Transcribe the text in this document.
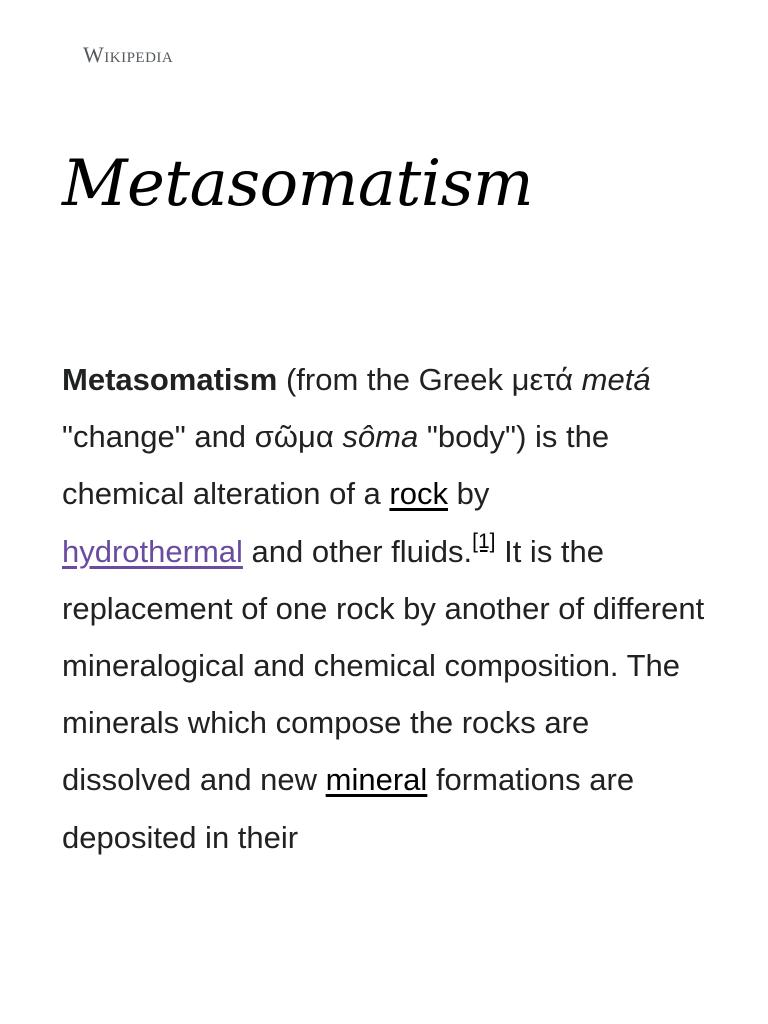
Wikipedia
Metasomatism

Metasomatism (from the Greek μετά metá "change" and σῶμα sôma "body") is the chemical alteration of a rock by
hydrothermal and other fluids.[1] It is the replacement of one rock by another of different mineralogical and chemical composition. The minerals which compose the rocks are dissolved and new mineral formations are deposited in their
